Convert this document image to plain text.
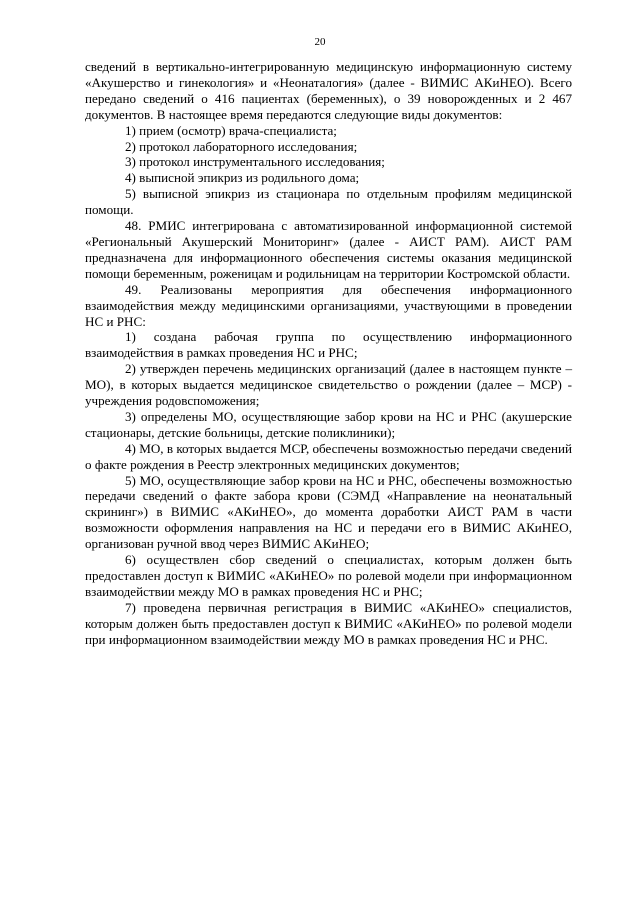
20

сведений в вертикально-интегрированную медицинскую информационную систему «Акушерство и гинекология» и «Неонаталогия» (далее - ВИМИС АКиНЕО). Всего передано сведений о 416 пациентах (беременных), о 39 новорожденных и 2 467 документов. В настоящее время передаются следующие виды документов:

1) прием (осмотр) врача-специалиста;

2) протокол лабораторного исследования;

3) протокол инструментального исследования;

4) выписной эпикриз из родильного дома;

5) выписной эпикриз из стационара по отдельным профилям медицинской помощи.

48. РМИС интегрирована с автоматизированной информационной системой «Региональный Акушерский Мониторинг» (далее - АИСТ РАМ). АИСТ РАМ предназначена для информационного обеспечения системы оказания медицинской помощи беременным, роженицам и родильницам на территории Костромской области.

49. Реализованы мероприятия для обеспечения информационного взаимодействия между медицинскими организациями, участвующими в проведении НС и РНС:

1) создана рабочая группа по осуществлению информационного взаимодействия в рамках проведения НС и РНС;

2) утвержден перечень медицинских организаций (далее в настоящем пункте – МО), в которых выдается медицинское свидетельство о рождении (далее – МСР) - учреждения родовспоможения;

3) определены МО, осуществляющие забор крови на НС и РНС (акушерские стационары, детские больницы, детские поликлиники);

4) МО, в которых выдается МСР, обеспечены возможностью передачи сведений о факте рождения в Реестр электронных медицинских документов;

5) МО, осуществляющие забор крови на НС и РНС, обеспечены возможностью передачи сведений о факте забора крови (СЭМД «Направление на неонатальный скрининг») в ВИМИС «АКиНЕО», до момента доработки АИСТ РАМ в части возможности оформления направления на НС и передачи его в ВИМИС АКиНЕО, организован ручной ввод через ВИМИС АКиНЕО;

6) осуществлен сбор сведений о специалистах, которым должен быть предоставлен доступ к ВИМИС «АКиНЕО» по ролевой модели при информационном взаимодействии между МО в рамках проведения НС и РНС;

7) проведена первичная регистрация в ВИМИС «АКиНЕО» специалистов, которым должен быть предоставлен доступ к ВИМИС «АКиНЕО» по ролевой модели при информационном взаимодействии между МО в рамках проведения НС и РНС.
